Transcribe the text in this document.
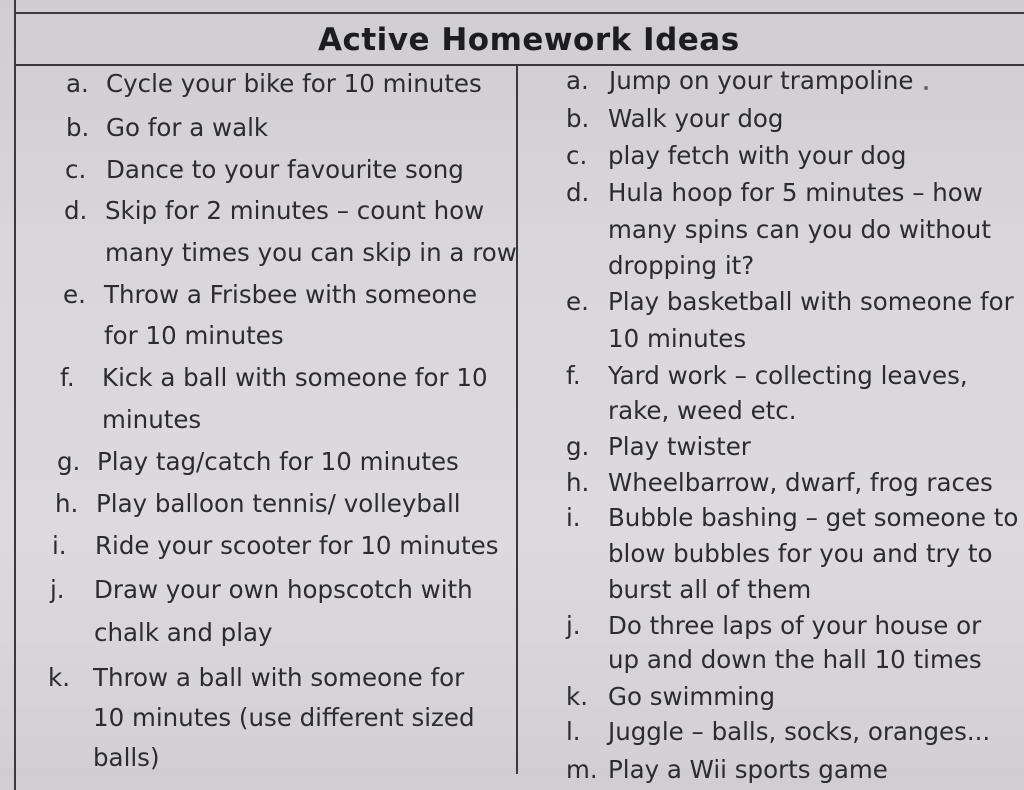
Active Homework Ideas
a. Cycle your bike for 10 minutes
b. Go for a walk
c. Dance to your favourite song
d. Skip for 2 minutes – count how
many times you can skip in a row
e. Throw a Frisbee with someone
for 10 minutes
f. Kick a ball with someone for 10
minutes
g. Play tag/catch for 10 minutes
h. Play balloon tennis/ volleyball
i. Ride your scooter for 10 minutes
j. Draw your own hopscotch with
chalk and play
k. Throw a ball with someone for
10 minutes (use different sized
balls)
a. Jump on your trampoline
b. Walk your dog
c. play fetch with your dog
d. Hula hoop for 5 minutes – how
many spins can you do without
dropping it?
e. Play basketball with someone for
10 minutes
f. Yard work – collecting leaves,
rake, weed etc.
g. Play twister
h. Wheelbarrow, dwarf, frog races
i. Bubble bashing – get someone to
blow bubbles for you and try to
burst all of them
j. Do three laps of your house or
up and down the hall 10 times
k. Go swimming
l. Juggle – balls, socks, oranges...
m. Play a Wii sports game
